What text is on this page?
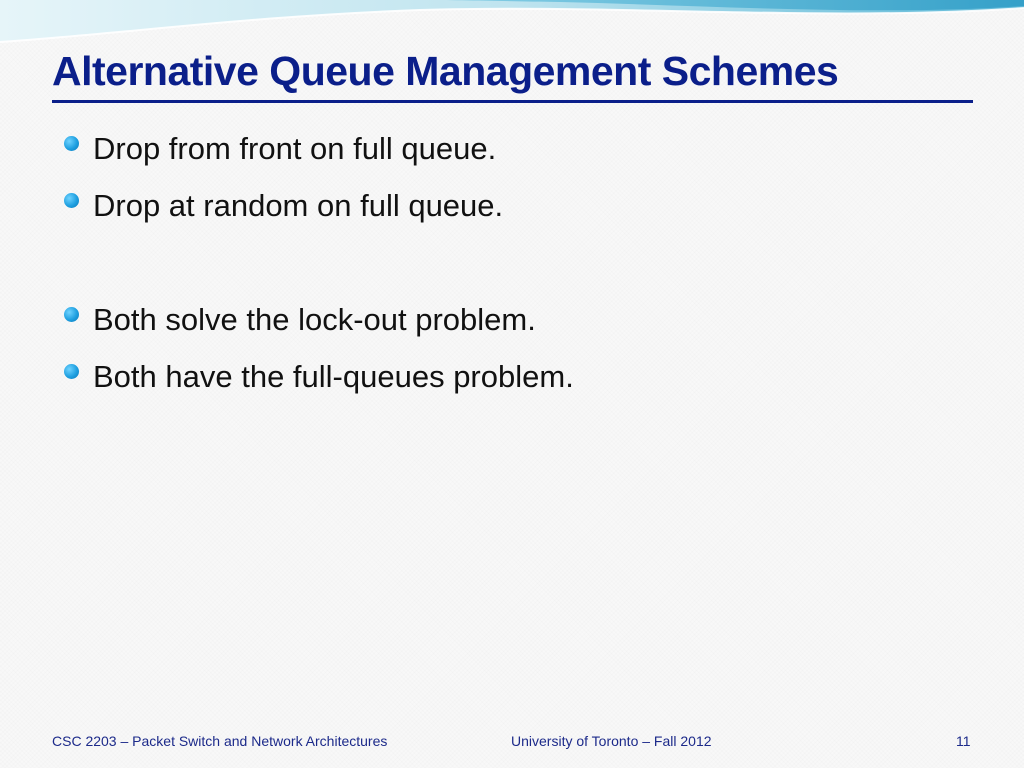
Alternative Queue Management Schemes
Drop from front on full queue.
Drop at random on full queue.
Both solve the lock-out problem.
Both have the full-queues problem.
CSC 2203 – Packet Switch and Network Architectures	University of Toronto – Fall 2012	11
